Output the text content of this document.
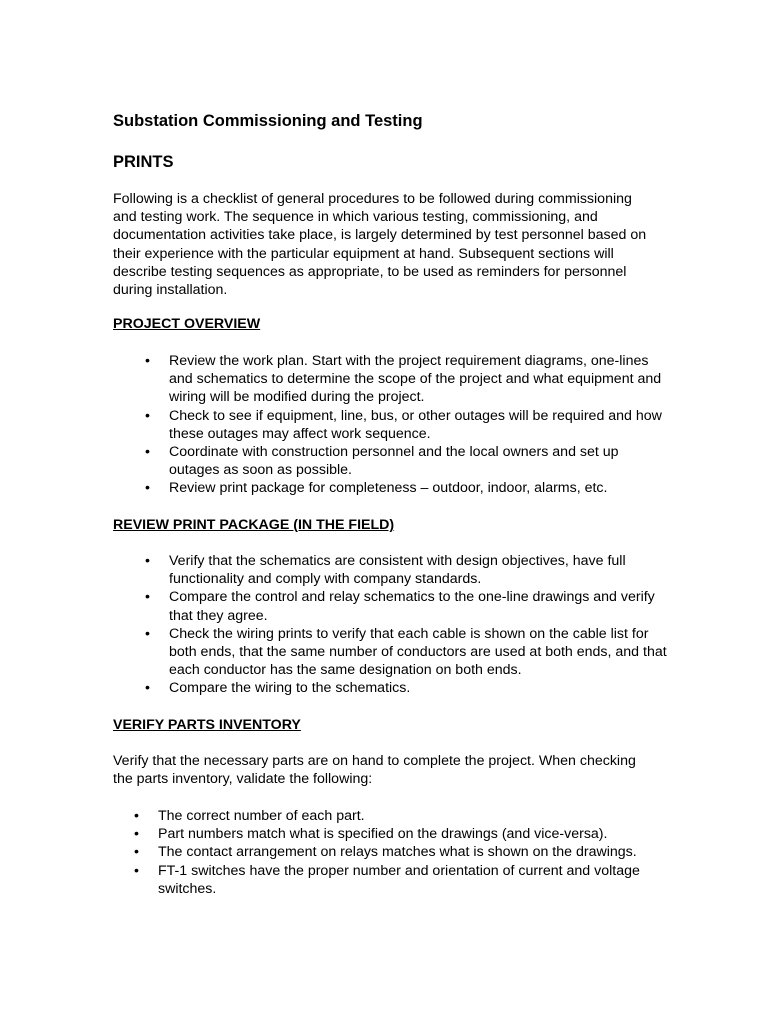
Substation Commissioning and Testing
PRINTS

Following is a checklist of general procedures to be followed during commissioning and testing work. The sequence in which various testing, commissioning, and documentation activities take place, is largely determined by test personnel based on their experience with the particular equipment at hand. Subsequent sections will describe testing sequences as appropriate, to be used as reminders for personnel during installation.

PROJECT OVERVIEW
• Review the work plan. Start with the project requirement diagrams, one-lines and schematics to determine the scope of the project and what equipment and wiring will be modified during the project.
• Check to see if equipment, line, bus, or other outages will be required and how these outages may affect work sequence.
• Coordinate with construction personnel and the local owners and set up outages as soon as possible.
• Review print package for completeness – outdoor, indoor, alarms, etc.
REVIEW PRINT PACKAGE (IN THE FIELD)
• Verify that the schematics are consistent with design objectives, have full functionality and comply with company standards.
• Compare the control and relay schematics to the one-line drawings and verify that they agree.
• Check the wiring prints to verify that each cable is shown on the cable list for both ends, that the same number of conductors are used at both ends, and that each conductor has the same designation on both ends.
• Compare the wiring to the schematics.
VERIFY PARTS INVENTORY

Verify that the necessary parts are on hand to complete the project. When checking the parts inventory, validate the following:

• The correct number of each part.
• Part numbers match what is specified on the drawings (and vice-versa).
• The contact arrangement on relays matches what is shown on the drawings.
• FT-1 switches have the proper number and orientation of current and voltage switches.
